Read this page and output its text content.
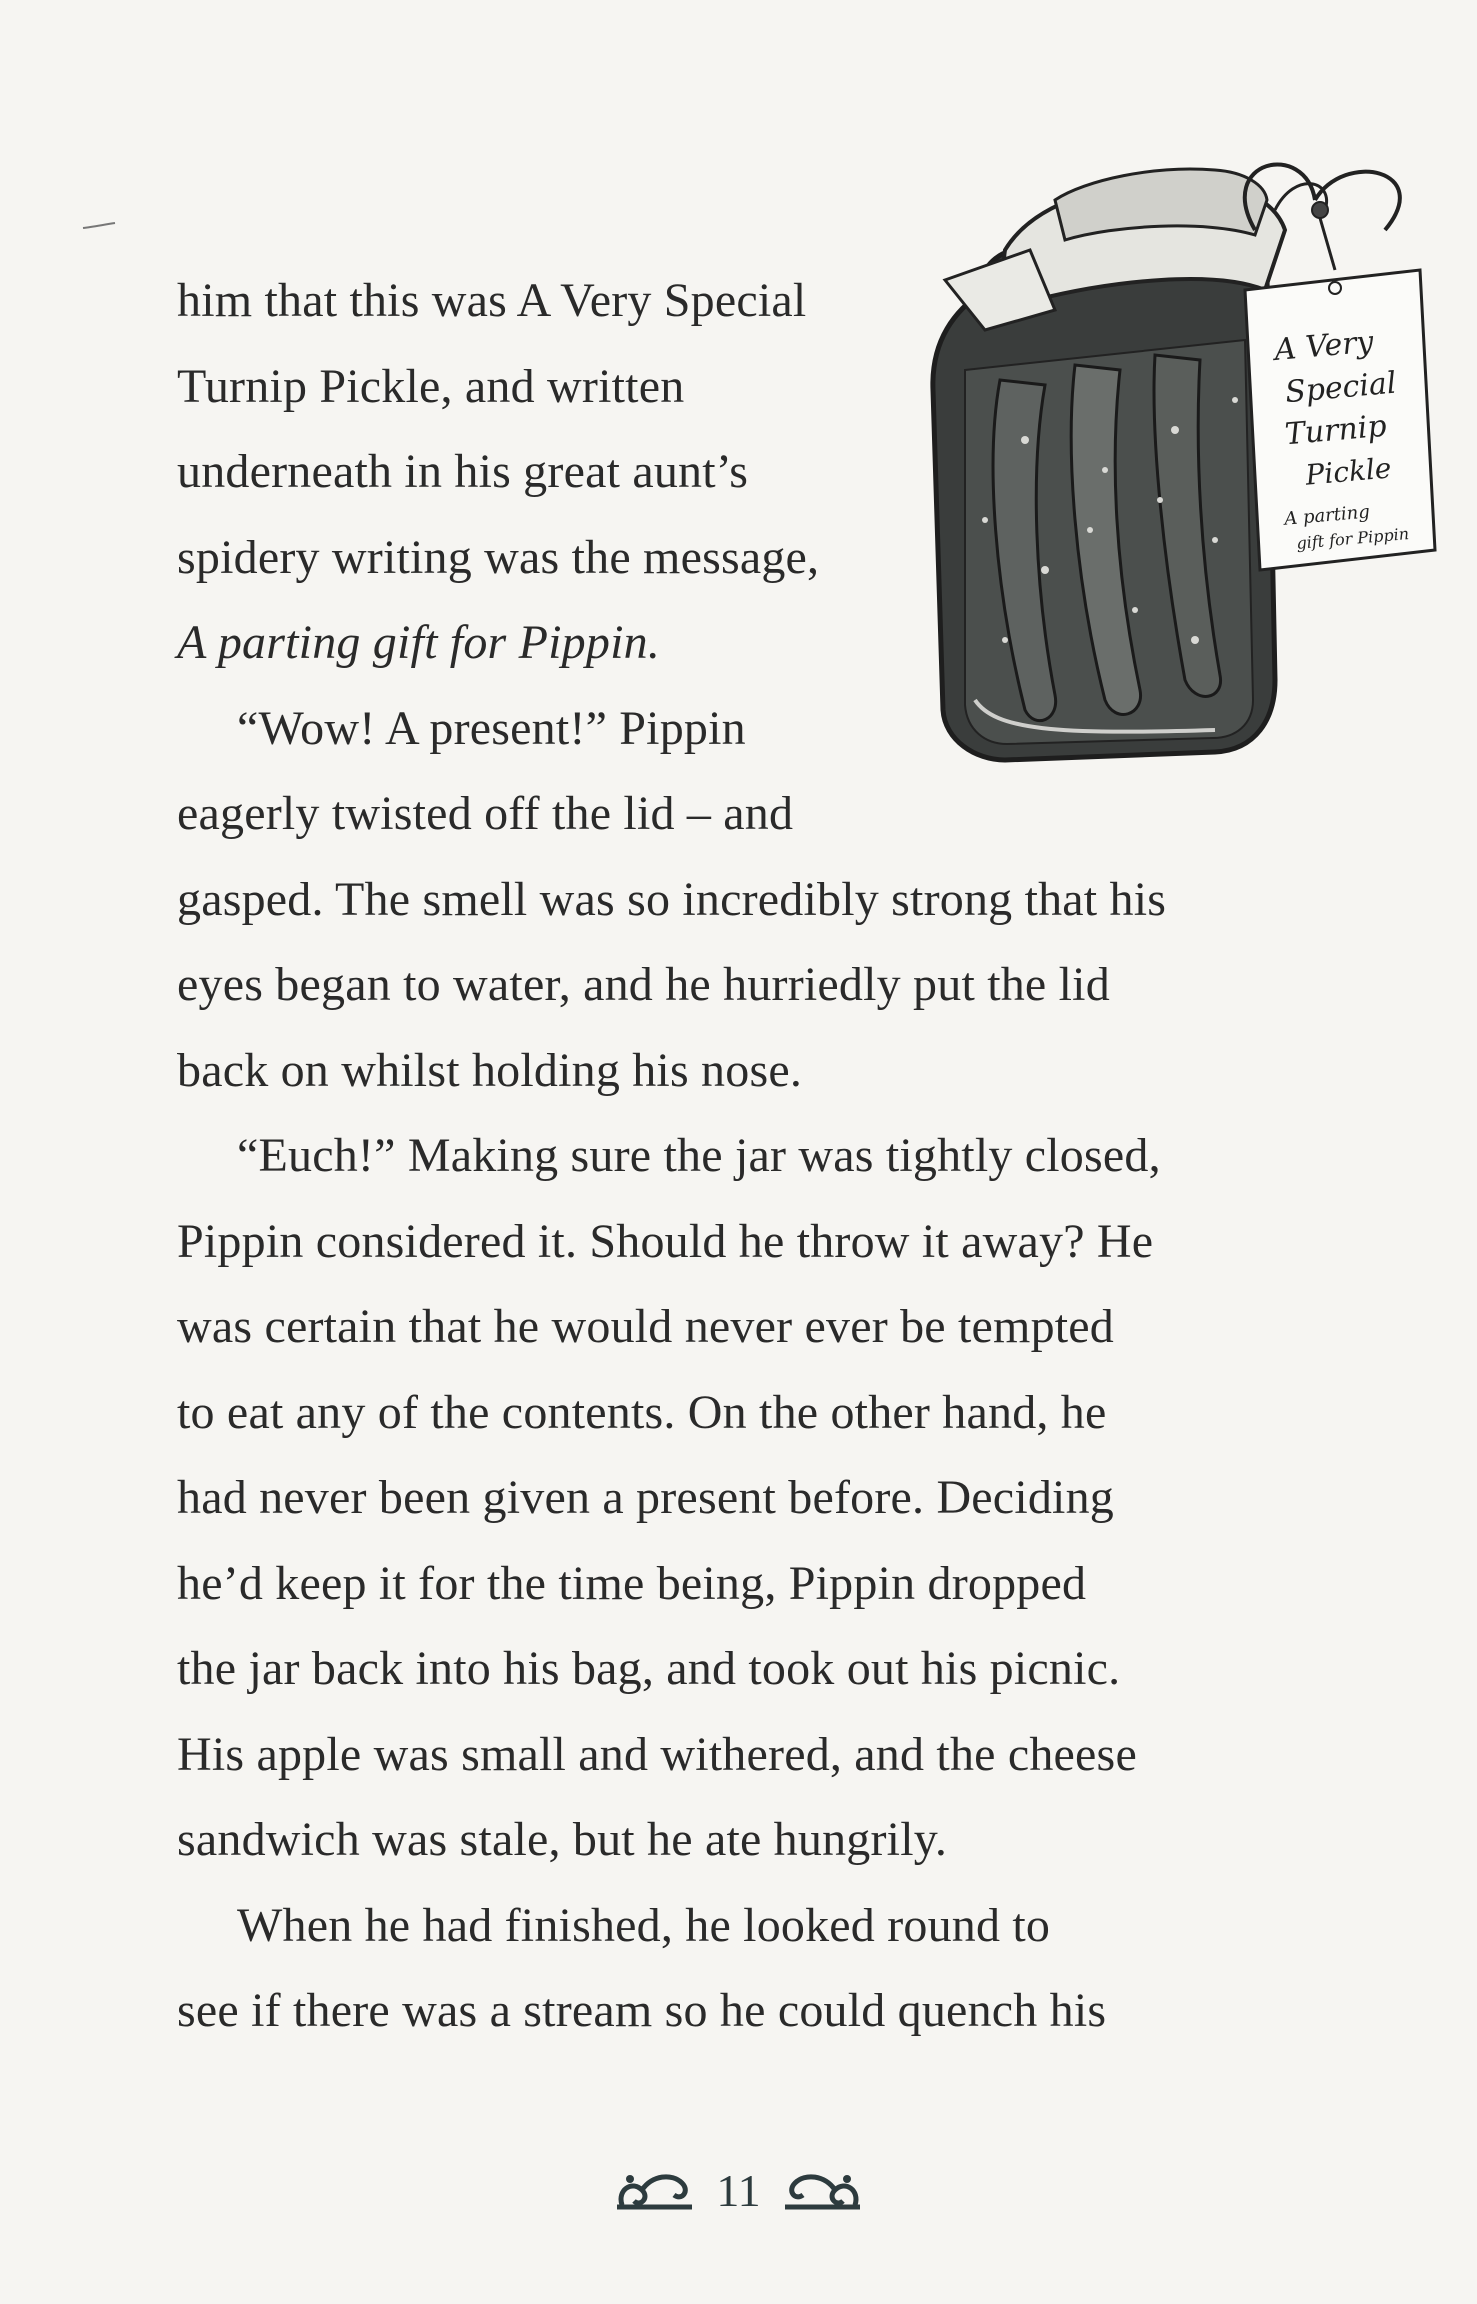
A Very
Special
Turnip
Pickle
A parting
gift for Pippin
him that this was A Very Special
Turnip Pickle, and written
underneath in his great aunt’s
spidery writing was the message,
A parting gift for Pippin.
“Wow! A present!” Pippin
eagerly twisted off the lid – and
gasped. The smell was so incredibly strong that his
eyes began to water, and he hurriedly put the lid
back on whilst holding his nose.
“Euch!” Making sure the jar was tightly closed,
Pippin considered it. Should he throw it away? He
was certain that he would never ever be tempted
to eat any of the contents. On the other hand, he
had never been given a present before. Deciding
he’d keep it for the time being, Pippin dropped
the jar back into his bag, and took out his picnic.
His apple was small and withered, and the cheese
sandwich was stale, but he ate hungrily.
When he had finished, he looked round to
see if there was a stream so he could quench his
11
